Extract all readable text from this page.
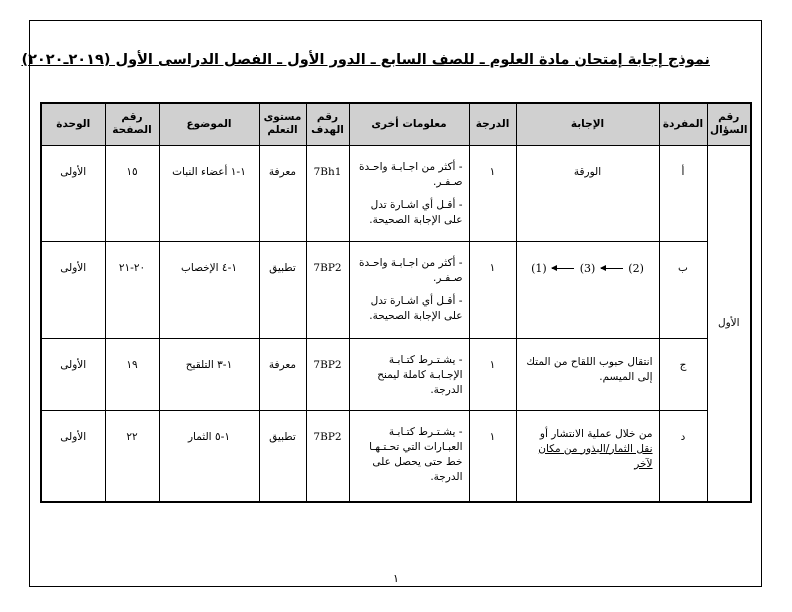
نموذج إجابة إمتحان مادة العلوم ـ للصف السابع ـ الدور الأول ـ الفصل الدراسى الأول (٢٠١٩ـ٢٠٢٠)
رقم السؤال	المفردة	الإجابة	الدرجة	معلومات أخرى	رقم الهدف	مستوى التعلم	الموضوع	رقم الصفحة	الوحدة
الأول	أ	الورقة	١	- أكثر من اجـابـة واحـدة صـفـر.
- أقـل أي اشـارة تدل على الإجابة الصحيحة.	7Bh1	معرفة	١-١ أعضاء النبات	١٥	الأولى
	ب	(1) (3) (2)	١	- أكثر من اجـابـة واحـدة صـفـر.
- أقـل أي اشـارة تدل على الإجابة الصحيحة.	7BP2	تطبيق	١-٤ الإخصاب	٢٠-٢١	الأولى
	ج	انتقال حبوب اللقاح من المتك إلى الميسم.	١	- يشـتـرط كتـابـة الإجـابـة كاملة ليمنح الدرجة.	7BP2	معرفة	١-٣ التلقيح	١٩	الأولى
	د	من خلال عملية الانتشار أو نقل الثمار/البذور من مكان لآخر	١	- يشـتـرط كتـابـة العبـارات التي تحـتـهـا خط حتى يحصل على الدرجة.	7BP2	تطبيق	١-٥ الثمار	٢٢	الأولى
١
